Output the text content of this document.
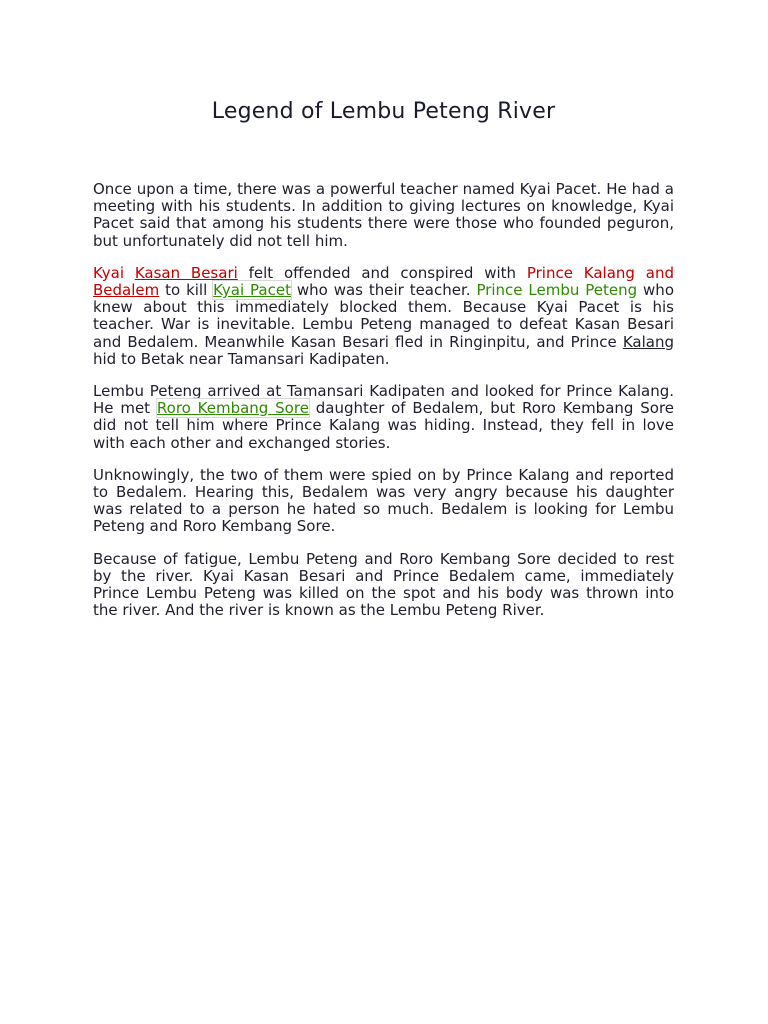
Legend of Lembu Peteng River

Once upon a time, there was a powerful teacher named Kyai Pacet. He had a meeting with his students. In addition to giving lectures on knowledge, Kyai Pacet said that among his students there were those who founded peguron, but unfortunately did not tell him.

Kyai Kasan Besari felt offended and conspired with Prince Kalang and Bedalem to kill Kyai Pacet who was their teacher. Prince Lembu Peteng who knew about this immediately blocked them. Because Kyai Pacet is his teacher. War is inevitable. Lembu Peteng managed to defeat Kasan Besari and Bedalem. Meanwhile Kasan Besari fled in Ringinpitu, and Prince Kalang hid to Betak near Tamansari Kadipaten.

Lembu Peteng arrived at Tamansari Kadipaten and looked for Prince Kalang. He met Roro Kembang Sore daughter of Bedalem, but Roro Kembang Sore did not tell him where Prince Kalang was hiding. Instead, they fell in love with each other and exchanged stories.

Unknowingly, the two of them were spied on by Prince Kalang and reported to Bedalem. Hearing this, Bedalem was very angry because his daughter was related to a person he hated so much. Bedalem is looking for Lembu Peteng and Roro Kembang Sore.

Because of fatigue, Lembu Peteng and Roro Kembang Sore decided to rest by the river. Kyai Kasan Besari and Prince Bedalem came, immediately Prince Lembu Peteng was killed on the spot and his body was thrown into the river. And the river is known as the Lembu Peteng River.
